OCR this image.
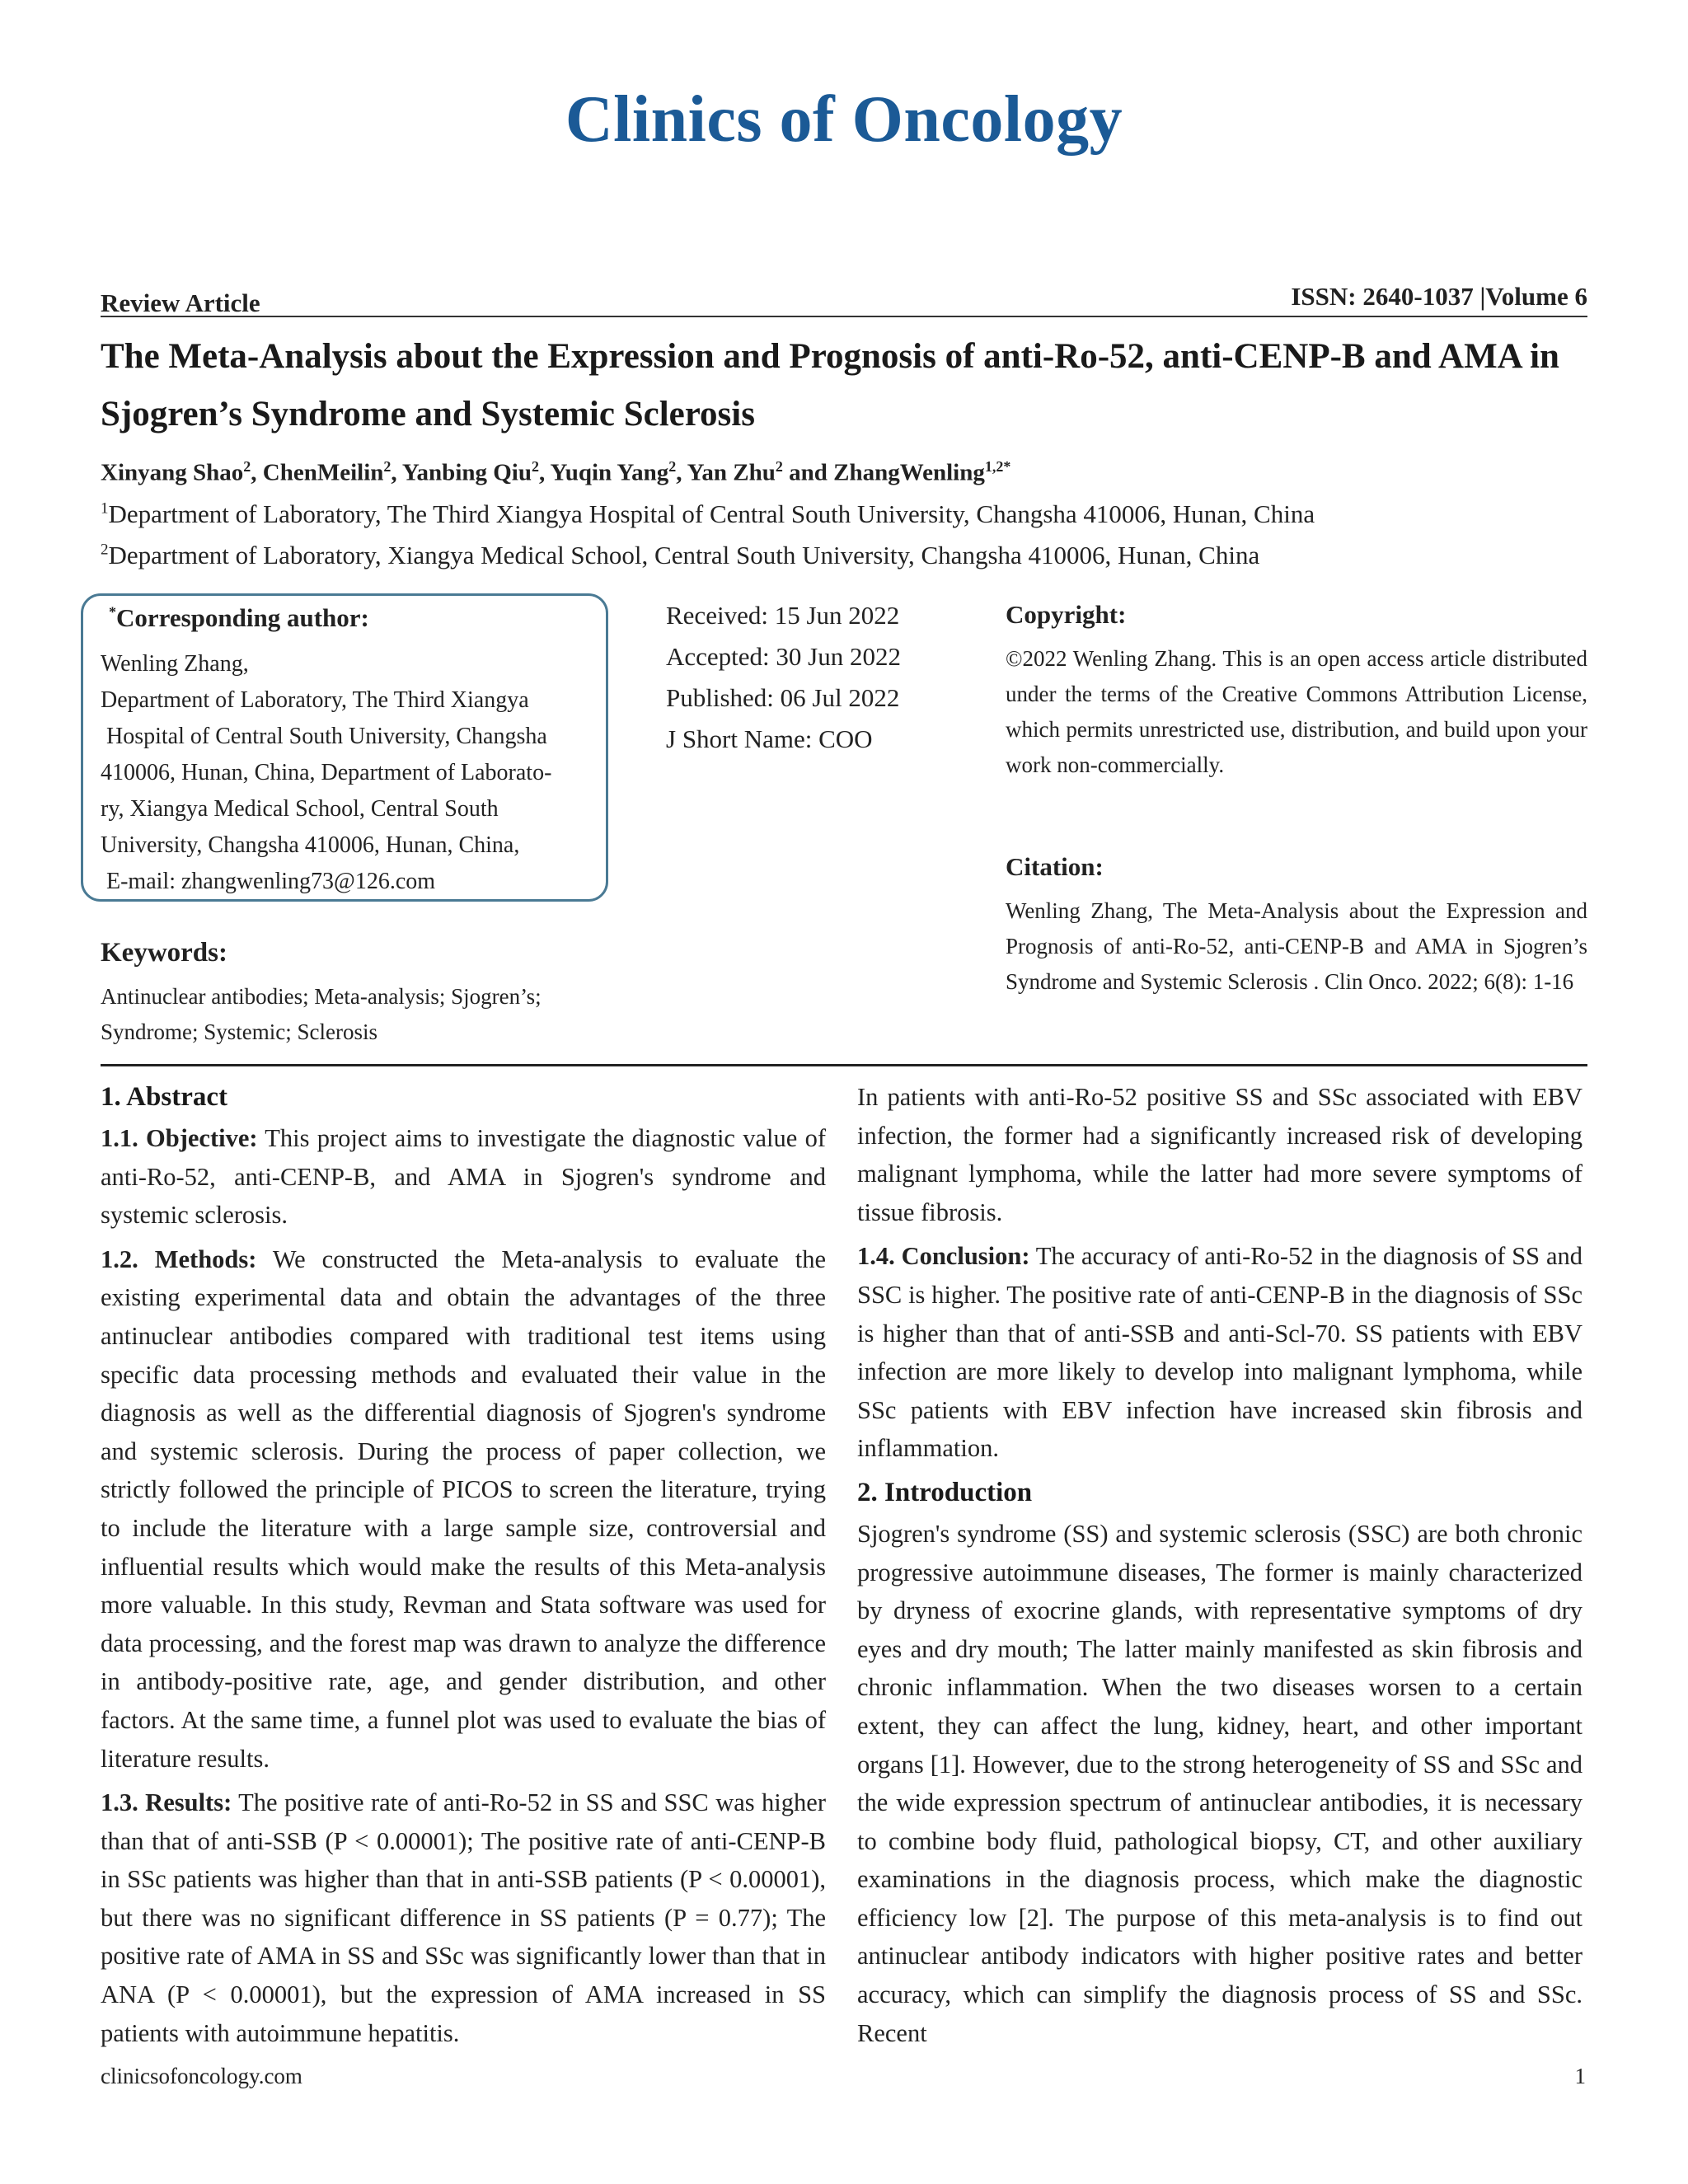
Clinics of Oncology
Review Article	ISSN: 2640-1037 |Volume 6
The Meta-Analysis about the Expression and Prognosis of anti-Ro-52, anti-CENP-B and AMA in Sjogren’s Syndrome and Systemic Sclerosis
Xinyang Shao$^2$, ChenMeilin$^2$, Yanbing Qiu$^2$, Yuqin Yang$^2$, Yan Zhu$^2$ and ZhangWenling$^{1,2*}$
$^1$Department of Laboratory, The Third Xiangya Hospital of Central South University, Changsha 410006, Hunan, China
$^2$Department of Laboratory, Xiangya Medical School, Central South University, Changsha 410006, Hunan, China
*Corresponding author:
Wenling Zhang,
Department of Laboratory, The Third Xiangya
Hospital of Central South University, Changsha
410006, Hunan, China, Department of Laborato-
ry, Xiangya Medical School, Central South
University, Changsha 410006, Hunan, China,
E-mail: zhangwenling73@126.com
Received: 15 Jun 2022
Accepted: 30 Jun 2022
Published: 06 Jul 2022
J Short Name: COO
Copyright:
©2022 Wenling Zhang. This is an open access article distributed under the terms of the Creative Commons Attribution License, which permits unrestricted use, distribution, and build upon your work non-commercially.
Citation:
Wenling Zhang, The Meta-Analysis about the Expression and Prognosis of anti-Ro-52, anti-CENP-B and AMA in Sjogren’s Syndrome and Systemic Sclerosis . Clin Onco. 2022; 6(8): 1-16
Keywords:
Antinuclear antibodies; Meta-analysis; Sjogren’s; Syndrome; Systemic; Sclerosis
1. Abstract

1.1. Objective: This project aims to investigate the diagnostic value of anti-Ro-52, anti-CENP-B, and AMA in Sjogren's syndrome and systemic sclerosis.

1.2. Methods: We constructed the Meta-analysis to evaluate the existing experimental data and obtain the advantages of the three antinuclear antibodies compared with traditional test items using specific data processing methods and evaluated their value in the diagnosis as well as the differential diagnosis of Sjogren's syndrome and systemic sclerosis. During the process of paper collection, we strictly followed the principle of PICOS to screen the literature, trying to include the literature with a large sample size, controversial and influential results which would make the results of this Meta-analysis more valuable. In this study, Revman and Stata software was used for data processing, and the forest map was drawn to analyze the difference in antibody-positive rate, age, and gender distribution, and other factors. At the same time, a funnel plot was used to evaluate the bias of literature results.

1.3. Results: The positive rate of anti-Ro-52 in SS and SSC was higher than that of anti-SSB (P < 0.00001); The positive rate of anti-CENP-B in SSc patients was higher than that in anti-SSB patients (P < 0.00001), but there was no significant difference in SS patients (P = 0.77); The positive rate of AMA in SS and SSc was significantly lower than that in ANA (P < 0.00001), but the expression of AMA increased in SS patients with autoimmune hepatitis.

In patients with anti-Ro-52 positive SS and SSc associated with EBV infection, the former had a significantly increased risk of developing malignant lymphoma, while the latter had more severe symptoms of tissue fibrosis.

1.4. Conclusion: The accuracy of anti-Ro-52 in the diagnosis of SS and SSC is higher. The positive rate of anti-CENP-B in the diagnosis of SSc is higher than that of anti-SSB and anti-Scl-70. SS patients with EBV infection are more likely to develop into malignant lymphoma, while SSc patients with EBV infection have increased skin fibrosis and inflammation.

2. Introduction

Sjogren's syndrome (SS) and systemic sclerosis (SSC) are both chronic progressive autoimmune diseases, The former is mainly characterized by dryness of exocrine glands, with representative symptoms of dry eyes and dry mouth; The latter mainly manifested as skin fibrosis and chronic inflammation. When the two diseases worsen to a certain extent, they can affect the lung, kidney, heart, and other important organs [1]. However, due to the strong heterogeneity of SS and SSc and the wide expression spectrum of antinuclear antibodies, it is necessary to combine body fluid, pathological biopsy, CT, and other auxiliary examinations in the diagnosis process, which make the diagnostic efficiency low [2]. The purpose of this meta-analysis is to find out antinuclear antibody indicators with higher positive rates and better accuracy, which can simplify the diagnosis process of SS and SSc. Recent

clinicsofoncology.com	1
